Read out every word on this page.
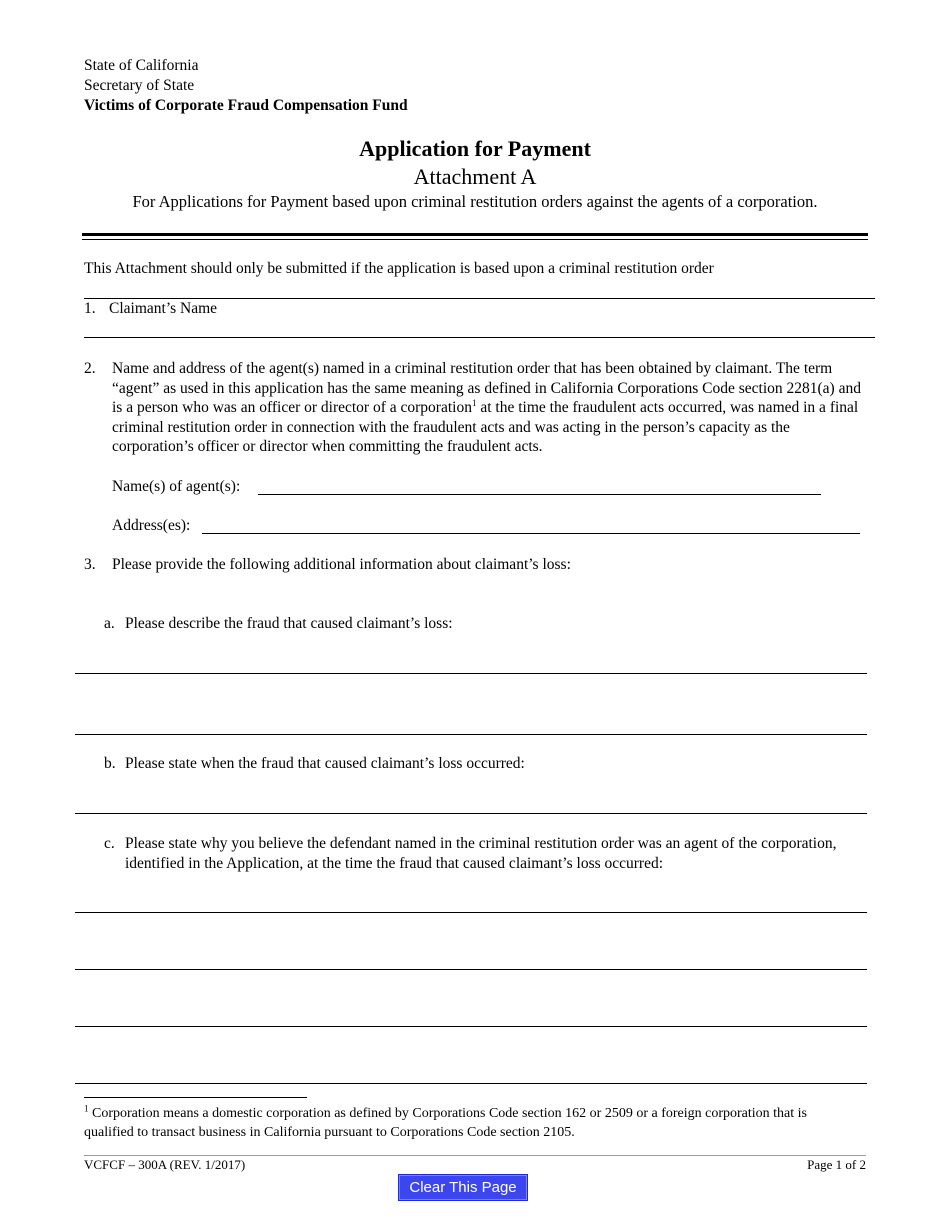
State of California
Secretary of State
Victims of Corporate Fraud Compensation Fund
Application for Payment
Attachment A
For Applications for Payment based upon criminal restitution orders against the agents of a corporation.
This Attachment should only be submitted if the application is based upon a criminal restitution order
1. Claimant’s Name
2. Name and address of the agent(s) named in a criminal restitution order that has been obtained by claimant. The term “agent” as used in this application has the same meaning as defined in California Corporations Code section 2281(a) and is a person who was an officer or director of a corporation$^1$ at the time the fraudulent acts occurred, was named in a final criminal restitution order in connection with the fraudulent acts and was acting in the person’s capacity as the corporation’s officer or director when committing the fraudulent acts.
Name(s) of agent(s):
Address(es):
3. Please provide the following additional information about claimant’s loss:
a. Please describe the fraud that caused claimant’s loss:
b. Please state when the fraud that caused claimant’s loss occurred:
c. Please state why you believe the defendant named in the criminal restitution order was an agent of the corporation, identified in the Application, at the time the fraud that caused claimant’s loss occurred:
$^1$ Corporation means a domestic corporation as defined by Corporations Code section 162 or 2509 or a foreign corporation that is qualified to transact business in California pursuant to Corporations Code section 2105.
VCFCF – 300A (REV. 1/2017)	Page 1 of 2
Clear This Page
